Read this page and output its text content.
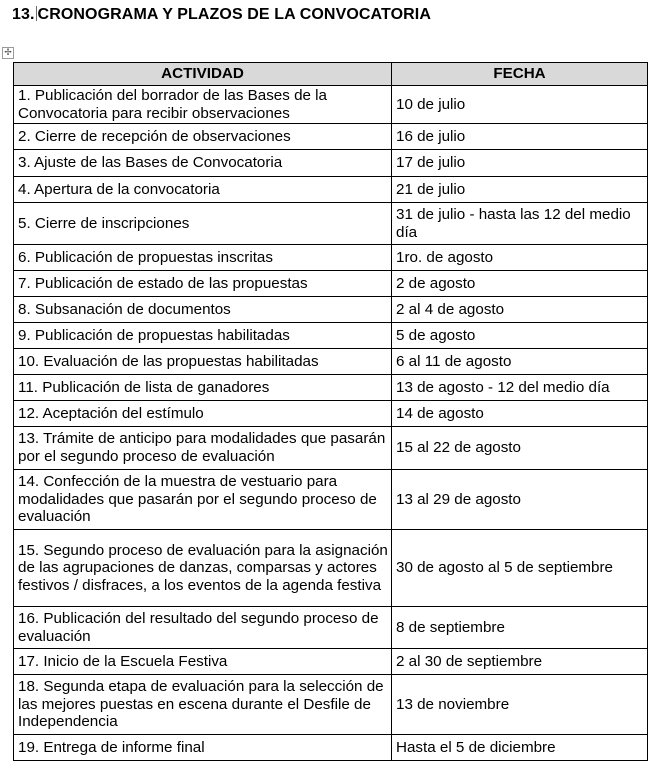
13. CRONOGRAMA Y PLAZOS DE LA CONVOCATORIA
✢
ACTIVIDAD	FECHA
1. Publicación del borrador de las Bases de la Convocatoria para recibir observaciones	10 de julio
2. Cierre de recepción de observaciones	16 de julio
3. Ajuste de las Bases de Convocatoria	17 de julio
4. Apertura de la convocatoria	21 de julio
5. Cierre de inscripciones	31 de julio - hasta las 12 del medio día
6. Publicación de propuestas inscritas	1ro. de agosto
7. Publicación de estado de las propuestas	2 de agosto
8. Subsanación de documentos	2 al 4 de agosto
9. Publicación de propuestas habilitadas	5 de agosto
10. Evaluación de las propuestas habilitadas	6 al 11 de agosto
11. Publicación de lista de ganadores	13 de agosto - 12 del medio día
12. Aceptación del estímulo	14 de agosto
13. Trámite de anticipo para modalidades que pasarán por el segundo proceso de evaluación	15 al 22 de agosto
14. Confección de la muestra de vestuario para modalidades que pasarán por el segundo proceso de evaluación	13 al 29 de agosto
15. Segundo proceso de evaluación para la asignación de las agrupaciones de danzas, comparsas y actores festivos / disfraces, a los eventos de la agenda festiva	30 de agosto al 5 de septiembre
16. Publicación del resultado del segundo proceso de evaluación	8 de septiembre
17. Inicio de la Escuela Festiva	2 al 30 de septiembre
18. Segunda etapa de evaluación para la selección de las mejores puestas en escena durante el Desfile de Independencia	13 de noviembre
19. Entrega de informe final	Hasta el 5 de diciembre
